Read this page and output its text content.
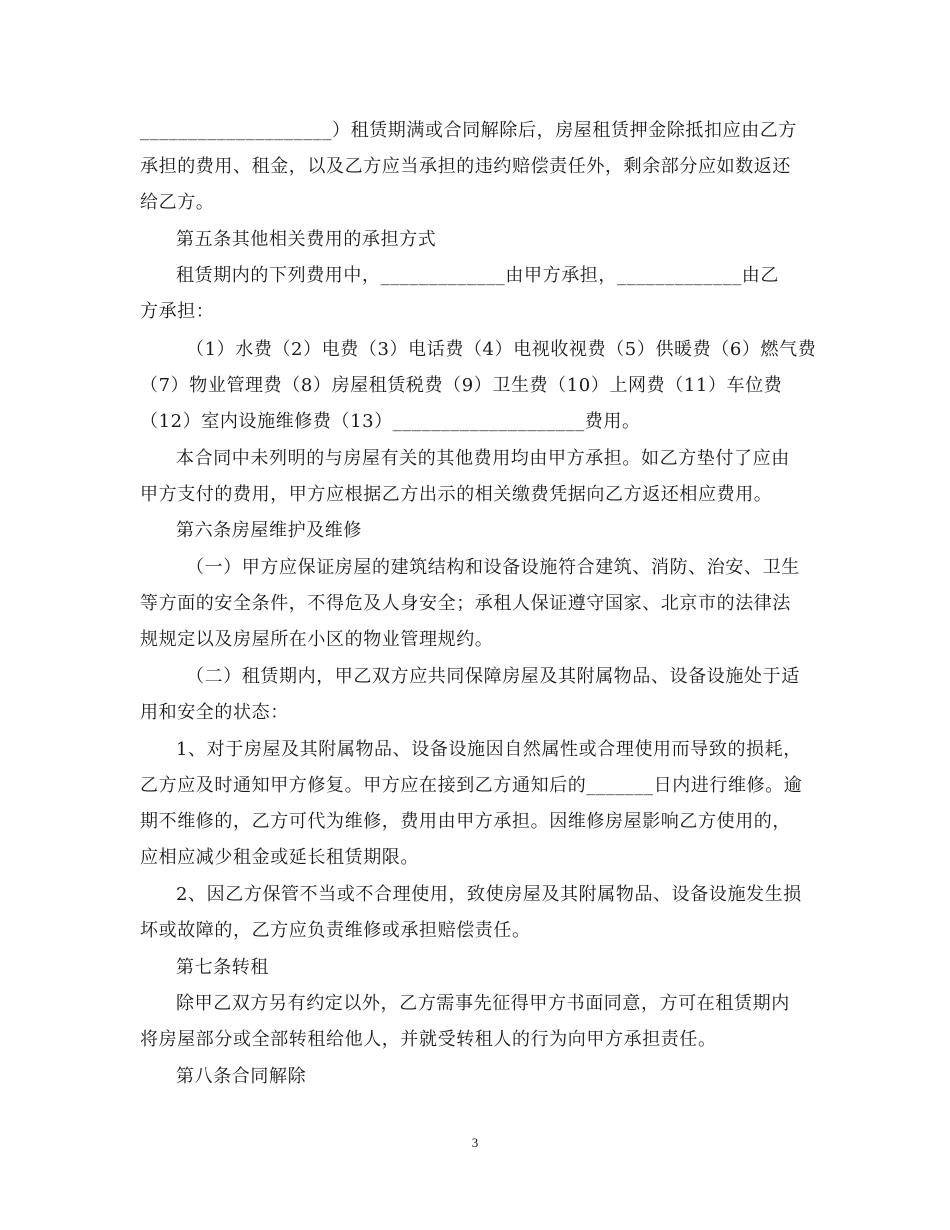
____________________）租赁期满或合同解除后，房屋租赁押金除抵扣应由乙方
承担的费用、租金，以及乙方应当承担的违约赔偿责任外，剩余部分应如数返还
给乙方。
第五条其他相关费用的承担方式
租赁期内的下列费用中，_____________由甲方承担，_____________由乙
方承担：
（1）水费（2）电费（3）电话费（4）电视收视费（5）供暖费（6）燃气费
（7）物业管理费（8）房屋租赁税费（9）卫生费（10）上网费（11）车位费
（12）室内设施维修费（13）____________________费用。
本合同中未列明的与房屋有关的其他费用均由甲方承担。如乙方垫付了应由
甲方支付的费用，甲方应根据乙方出示的相关缴费凭据向乙方返还相应费用。
第六条房屋维护及维修
（一）甲方应保证房屋的建筑结构和设备设施符合建筑、消防、治安、卫生
等方面的安全条件，不得危及人身安全；承租人保证遵守国家、北京市的法律法
规规定以及房屋所在小区的物业管理规约。
（二）租赁期内，甲乙双方应共同保障房屋及其附属物品、设备设施处于适
用和安全的状态：
1、对于房屋及其附属物品、设备设施因自然属性或合理使用而导致的损耗，
乙方应及时通知甲方修复。甲方应在接到乙方通知后的_______日内进行维修。逾
期不维修的，乙方可代为维修，费用由甲方承担。因维修房屋影响乙方使用的，
应相应减少租金或延长租赁期限。
2、因乙方保管不当或不合理使用，致使房屋及其附属物品、设备设施发生损
坏或故障的，乙方应负责维修或承担赔偿责任。
第七条转租
除甲乙双方另有约定以外，乙方需事先征得甲方书面同意，方可在租赁期内
将房屋部分或全部转租给他人，并就受转租人的行为向甲方承担责任。
第八条合同解除
3
